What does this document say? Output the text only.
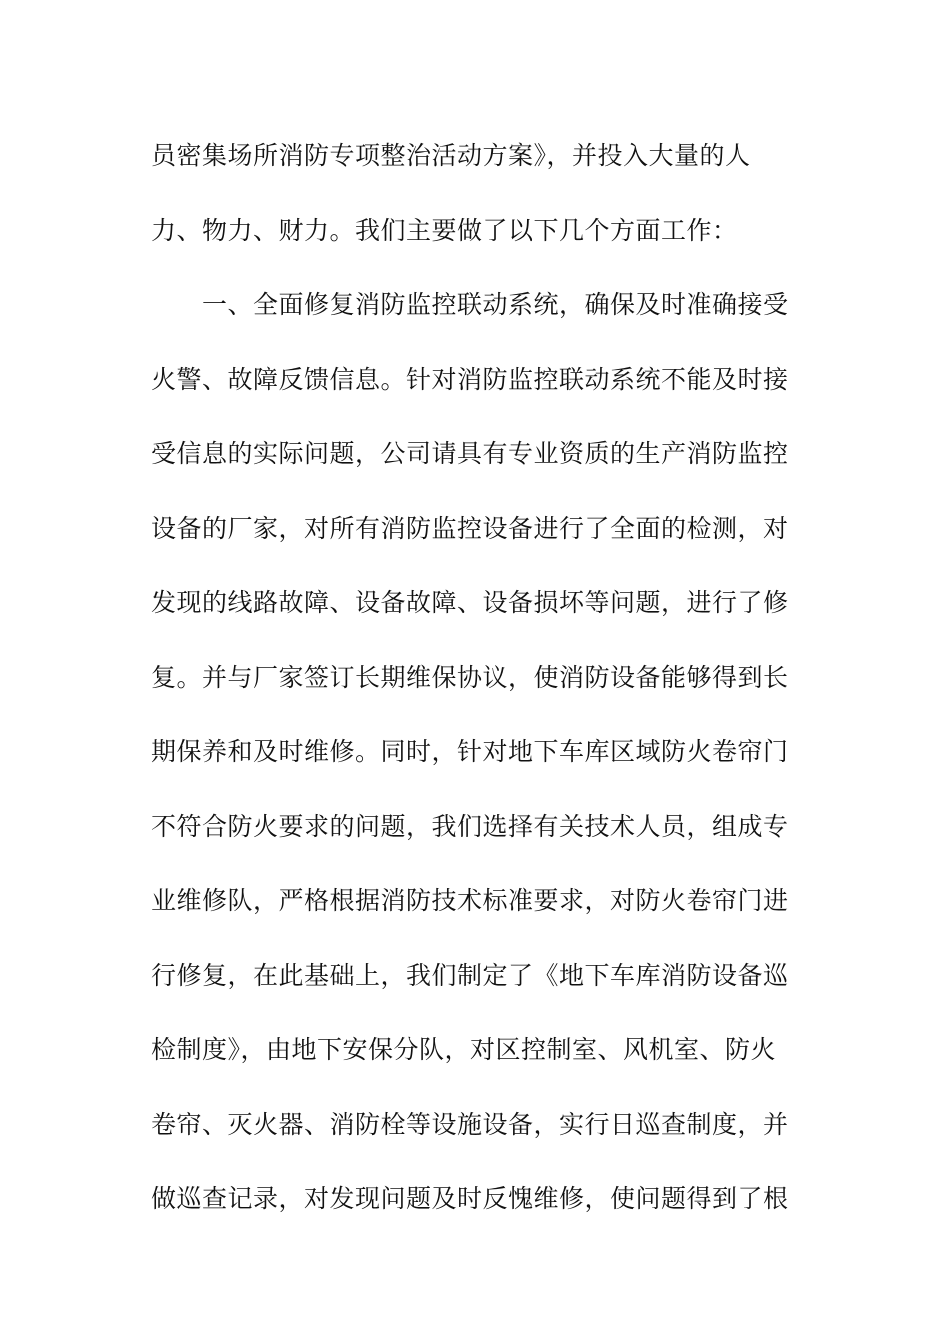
员密集场所消防专项整治活动方案》，并投入大量的人
力、物力、财力。我们主要做了以下几个方面工作：
　　一、全面修复消防监控联动系统，确保及时准确接受
火警、故障反馈信息。针对消防监控联动系统不能及时接
受信息的实际问题，公司请具有专业资质的生产消防监控
设备的厂家，对所有消防监控设备进行了全面的检测，对
发现的线路故障、设备故障、设备损坏等问题，进行了修
复。并与厂家签订长期维保协议，使消防设备能够得到长
期保养和及时维修。同时，针对地下车库区域防火卷帘门
不符合防火要求的问题，我们选择有关技术人员，组成专
业维修队，严格根据消防技术标准要求，对防火卷帘门进
行修复，在此基础上，我们制定了《地下车库消防设备巡
检制度》，由地下安保分队，对区控制室、风机室、防火
卷帘、灭火器、消防栓等设施设备，实行日巡查制度，并
做巡查记录，对发现问题及时反愧维修，使问题得到了根
